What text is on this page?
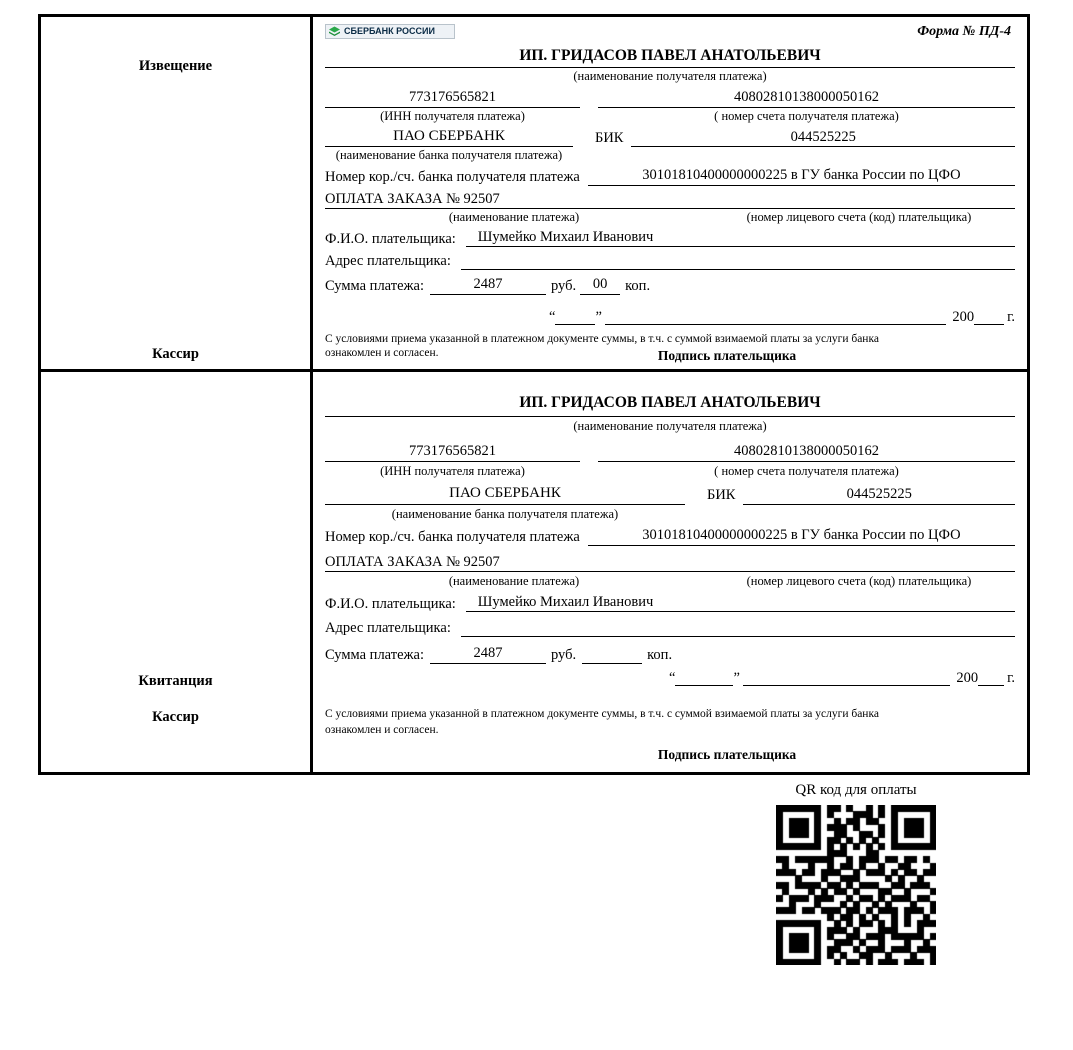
Извещение
Кассир
СБЕРБАНК РОССИИ	Форма № ПД-4
ИП. ГРИДАСОВ ПАВЕЛ АНАТОЛЬЕВИЧ
(наименование получателя платежа)
773176565821	40802810138000050162
(ИНН получателя платежа)	( номер счета получателя платежа)
ПАО СБЕРБАНК	БИК	044525225
(наименование банка получателя платежа)
Номер кор./сч. банка получателя платежа	30101810400000000225 в ГУ банка России по ЦФО
ОПЛАТА ЗАКАЗА № 92507
(наименование платежа)	(номер лицевого счета (код) плательщика)
Ф.И.О. плательщика:	Шумейко Михаил Иванович
Адрес плательщика:
Сумма платежа:	2487	руб.	00	коп.
“	”	200 г.
С условиями приема указанной в платежном документе суммы, в т.ч. с суммой взимаемой платы за услуги банка
ознакомлен и согласен.	Подпись плательщика
Квитанция
Кассир
ИП. ГРИДАСОВ ПАВЕЛ АНАТОЛЬЕВИЧ
(наименование получателя платежа)
773176565821	40802810138000050162
(ИНН получателя платежа)	( номер счета получателя платежа)
ПАО СБЕРБАНК	БИК	044525225
(наименование банка получателя платежа)
Номер кор./сч. банка получателя платежа	30101810400000000225 в ГУ банка России по ЦФО
ОПЛАТА ЗАКАЗА № 92507
(наименование платежа)	(номер лицевого счета (код) плательщика)
Ф.И.О. плательщика:	Шумейко Михаил Иванович
Адрес плательщика:
Сумма платежа:	2487	руб.	коп.
“	”	200 г.
С условиями приема указанной в платежном документе суммы, в т.ч. с суммой взимаемой платы за услуги банка
ознакомлен и согласен.
Подпись плательщика
QR код для оплаты
